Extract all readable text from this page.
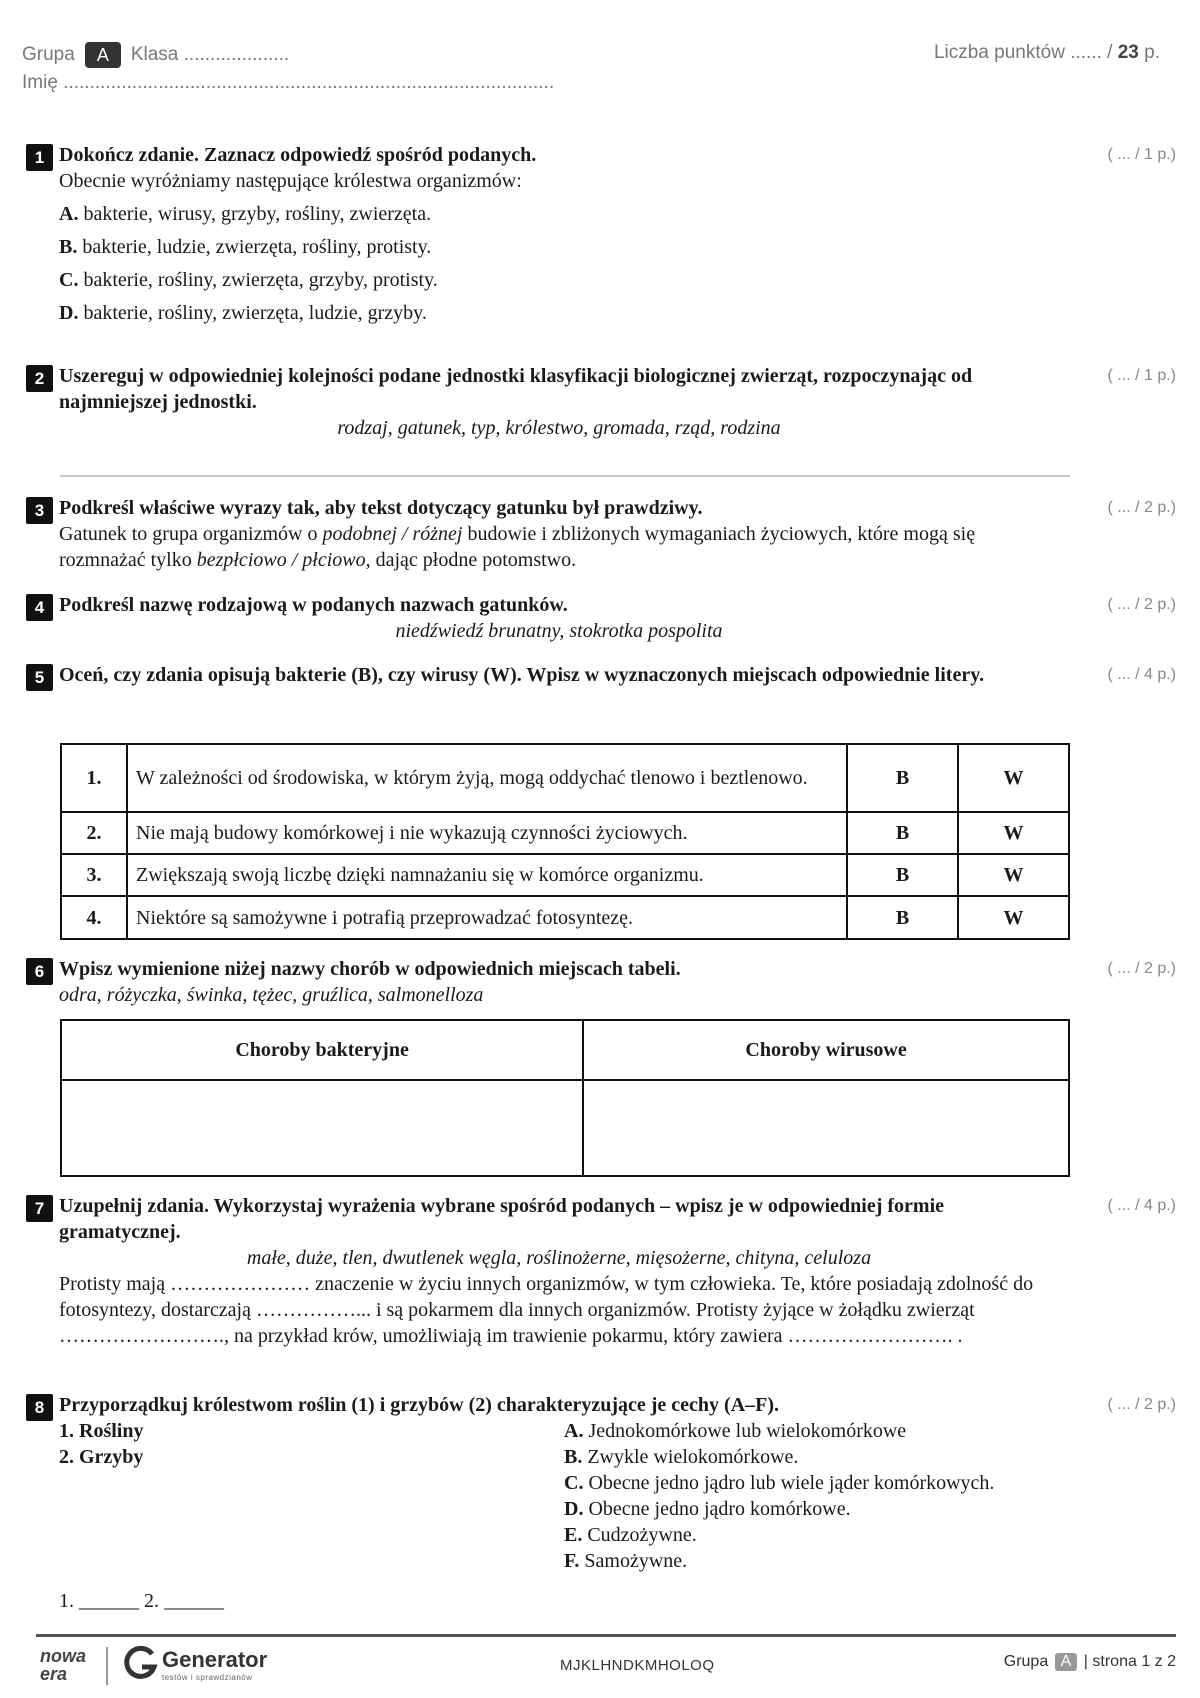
Grupa	A	Klasa ....................	Liczba punktów ...... / 23 p.
Imię .............................................................................................
1	( ... / 1 p.)
Dokończ zdanie. Zaznacz odpowiedź spośród podanych.
Obecnie wyróżniamy następujące królestwa organizmów:
A. bakterie, wirusy, grzyby, rośliny, zwierzęta.
B. bakterie, ludzie, zwierzęta, rośliny, protisty.
C. bakterie, rośliny, zwierzęta, grzyby, protisty.
D. bakterie, rośliny, zwierzęta, ludzie, grzyby.
2	( ... / 1 p.)
Uszereguj w odpowiedniej kolejności podane jednostki klasyfikacji biologicznej zwierząt, rozpoczynając od najmniejszej jednostki.
rodzaj, gatunek, typ, królestwo, gromada, rząd, rodzina
3	( ... / 2 p.)
Podkreśl właściwe wyrazy tak, aby tekst dotyczący gatunku był prawdziwy.
Gatunek to grupa organizmów o podobnej / różnej budowie i zbliżonych wymaganiach życiowych, które mogą się rozmnażać tylko bezpłciowo / płciowo, dając płodne potomstwo.
4	( ... / 2 p.)
Podkreśl nazwę rodzajową w podanych nazwach gatunków.
niedźwiedź brunatny, stokrotka pospolita
5	( ... / 4 p.)
Oceń, czy zdania opisują bakterie (B), czy wirusy (W). Wpisz w wyznaczonych miejscach odpowiednie litery.
1.	W zależności od środowiska, w którym żyją, mogą oddychać tlenowo i beztlenowo.	B	W
2.	Nie mają budowy komórkowej i nie wykazują czynności życiowych.	B	W
3.	Zwiększają swoją liczbę dzięki namnażaniu się w komórce organizmu.	B	W
4.	Niektóre są samożywne i potrafią przeprowadzać fotosyntezę.	B	W
6	( ... / 2 p.)
Wpisz wymienione niżej nazwy chorób w odpowiednich miejscach tabeli.
odra, różyczka, świnka, tężec, gruźlica, salmonelloza
Choroby bakteryjne	Choroby wirusowe

7	( ... / 4 p.)
Uzupełnij zdania. Wykorzystaj wyrażenia wybrane spośród podanych – wpisz je w odpowiedniej formie gramatycznej.
małe, duże, tlen, dwutlenek węgla, roślinożerne, mięsożerne, chityna, celuloza
Protisty mają ………………… znaczenie w życiu innych organizmów, w tym człowieka. Te, które posiadają zdolność do fotosyntezy, dostarczają ……………... i są pokarmem dla innych organizmów. Protisty żyjące w żołądku zwierząt ……………………., na przykład krów, umożliwiają im trawienie pokarmu, który zawiera ……………………. .
8	( ... / 2 p.)
Przyporządkuj królestwom roślin (1) i grzybów (2) charakteryzujące je cechy (A–F).
1. Rośliny
2. Grzyby
A. Jednokomórkowe lub wielokomórkowe
B. Zwykle wielokomórkowe.
C. Obecne jedno jądro lub wiele jąder komórkowych.
D. Obecne jedno jądro komórkowe.
E. Cudzożywne.
F. Samożywne.
1. ______ 2. ______
nowa
era
Generator
testów i sprawdzianów
MJKLHNDKMHOLOQ	Grupa A | strona 1 z 2
